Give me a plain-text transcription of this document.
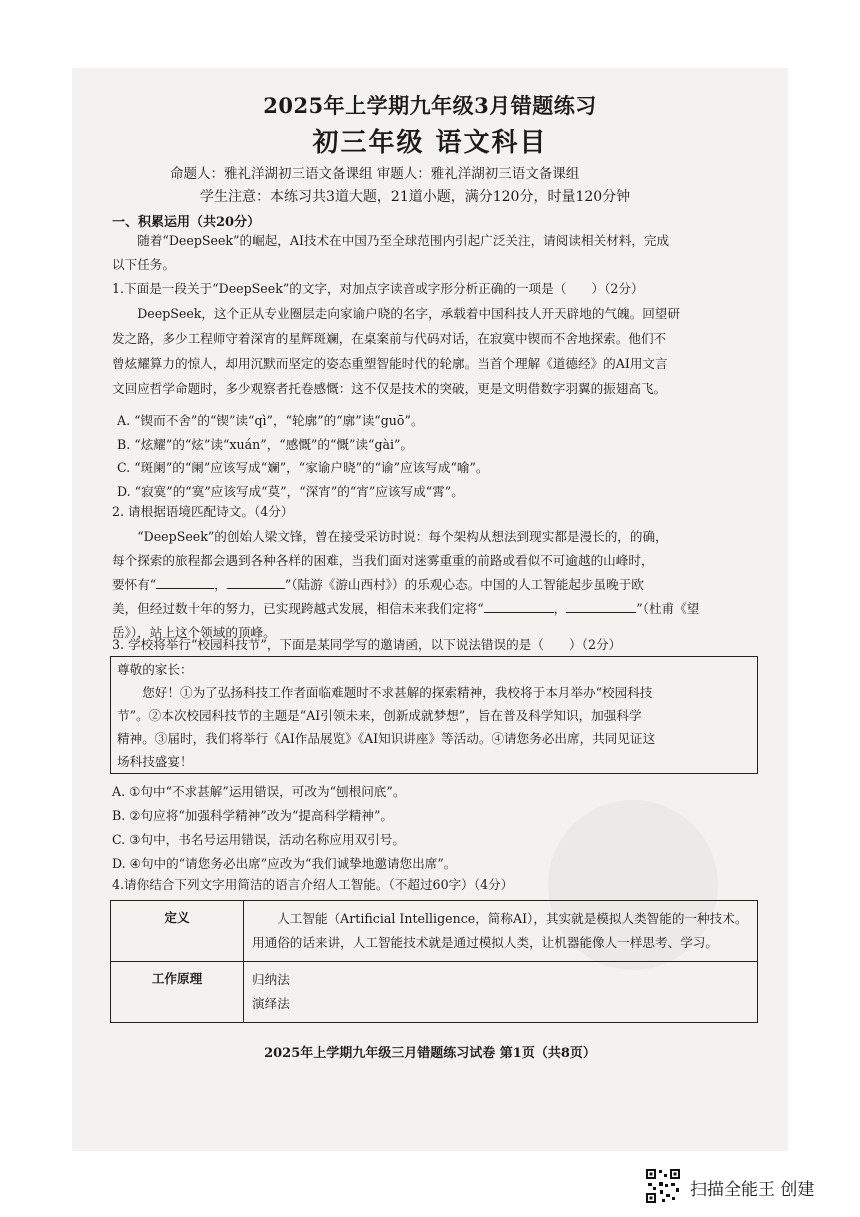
2025年上学期九年级3月错题练习
初三年级 语文科目
命题人：雅礼洋湖初三语文备课组 审题人：雅礼洋湖初三语文备课组
学生注意：本练习共3道大题，21道小题，满分120分，时量120分钟
一、积累运用（共20分）
随着“DeepSeek”的崛起，AI技术在中国乃至全球范围内引起广泛关注，请阅读相关材料，完成
以下任务。
1.下面是一段关于“DeepSeek”的文字，对加点字读音或字形分析正确的一项是（　　）（2分）
DeepSeek，这个正从专业圈层走向家谕户晓的名字，承载着中国科技人开天辟地的气魄。回望研
发之路，多少工程师守着深宵的星辉斑斓，在桌案前与代码对话，在寂寞中锲而不舍地探索。他们不
曾炫耀算力的惊人，却用沉默而坚定的姿态重塑智能时代的轮廓。当首个理解《道德经》的AI用文言
文回应哲学命题时，多少观察者托卷感慨：这不仅是技术的突破，更是文明借数字羽翼的振翅高飞。
A. “锲而不舍”的“锲”读“qì”，“轮廓”的“廓”读“guō”。
B. “炫耀”的“炫”读“xuán”，“感慨”的“慨”读“gài”。
C. “斑阑”的“阑”应该写成“斓”，“家谕户晓”的“谕”应该写成“喻”。
D. “寂寞”的“寞”应该写成“莫”，“深宵”的“宵”应该写成“霄”。
2. 请根据语境匹配诗文。（4分）
“DeepSeek”的创始人梁文锋，曾在接受采访时说：每个架构从想法到现实都是漫长的，的确，
每个探索的旅程都会遇到各种各样的困难，当我们面对迷雾重重的前路或看似不可逾越的山峰时，
要怀有“	，	”（陆游《游山西村》）的乐观心态。中国的人工智能起步虽晚于欧
美，但经过数十年的努力，已实现跨越式发展，相信未来我们定将“	，	”（杜甫《望
岳》），站上这个领域的顶峰。
3. 学校将举行“校园科技节”，下面是某同学写的邀请函，以下说法错误的是（　　）（2分）
尊敬的家长：
您好！①为了弘扬科技工作者面临难题时不求甚解的探索精神，我校将于本月举办“校园科技
节”。②本次校园科技节的主题是“AI引领未来，创新成就梦想”，旨在普及科学知识，加强科学
精神。③届时，我们将举行《AI作品展览》《AI知识讲座》等活动。④请您务必出席，共同见证这
场科技盛宴！
A. ①句中“不求甚解”运用错误，可改为“刨根问底”。
B. ②句应将“加强科学精神”改为“提高科学精神”。
C. ③句中，书名号运用错误，活动名称应用双引号。
D. ④句中的“请您务必出席”应改为“我们诚挚地邀请您出席”。
4.请你结合下列文字用简洁的语言介绍人工智能。（不超过60字）（4分）
定义	人工智能（Artificial Intelligence，简称AI），其实就是模拟人类智能的一种技术。用通俗的话来讲，人工智能技术就是通过模拟人类，让机器能像人一样思考、学习。
工作原理	归纳法
演绎法
2025年上学期九年级三月错题练习试卷 第1页（共8页）
扫描全能王 创建
